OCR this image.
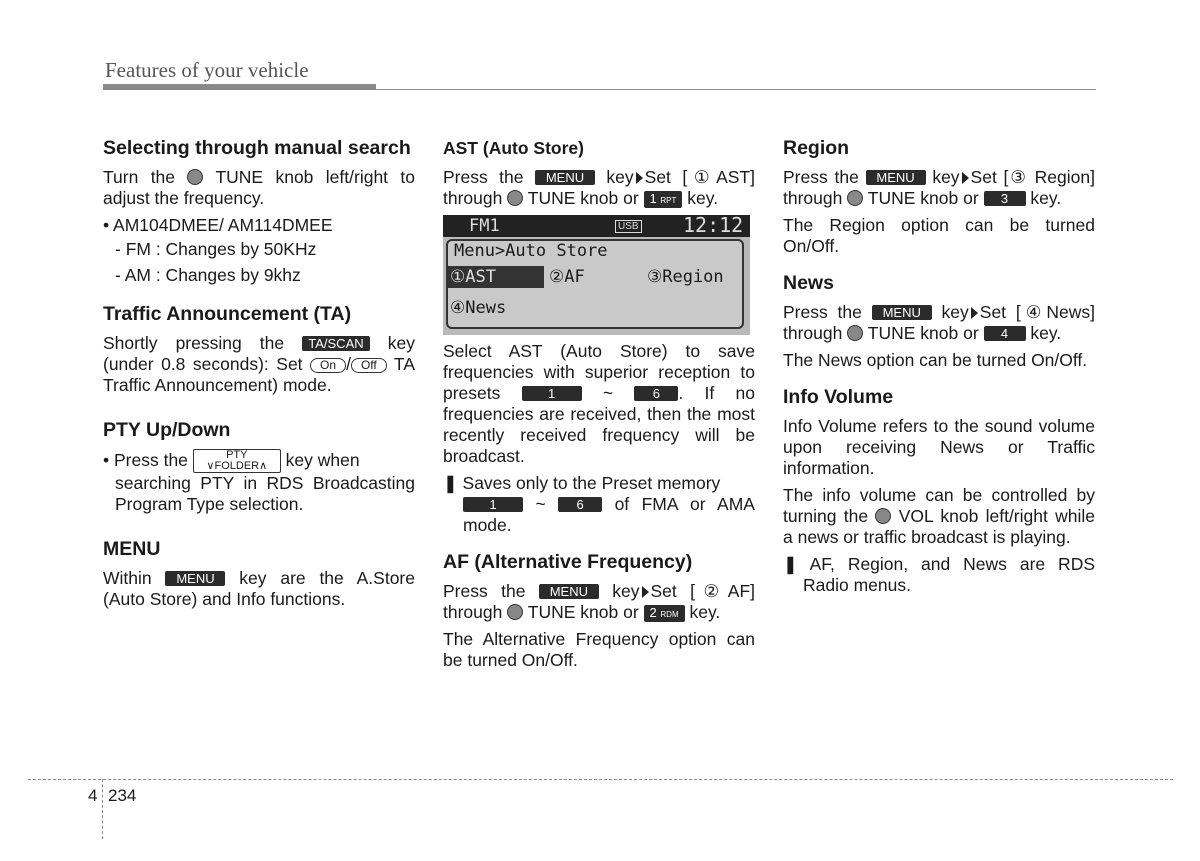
Features of your vehicle
Selecting through manual search

Turn the TUNE knob left/right to adjust the frequency.

• AM104DMEE/ AM114DMEE
- FM : Changes by 50KHz
- AM : Changes by 9khz
Traffic Announcement (TA)

Shortly pressing the TA/SCAN key (under 0.8 seconds): Set On / Off TA Traffic Announcement) mode.

PTY Up/Down

• Press the	PTY
∨FOLDER∧ key when

searching PTY in RDS Broadcasting Program Type selection.

MENU

Within MENU key are the A.Store (Auto Store) and Info functions.

AST (Auto Store)

Press the MENU key Set [①AST] through TUNE knob or 1 RPT key.

FM1	USB 12:12
Menu>Auto Store
①AST	②AF	③Region
④News

Select AST (Auto Store) to save frequencies with superior reception to presets	1 ~ 6 . If no frequencies are received, then the most recently received frequency will be broadcast.

❚ Saves only to the Preset memory
1 ~ 6 of FMA or AMA mode.

AF (Alternative Frequency)

Press the MENU key Set [②AF] through TUNE knob or 2 RDM key.

The Alternative Frequency option can be turned On/Off.

Region

Press the MENU key Set [③ Region] through TUNE knob or 3 key.

The Region option can be turned On/Off.

News

Press the MENU key Set [④News] through TUNE knob or 4 key.

The News option can be turned On/Off.

Info Volume

Info Volume refers to the sound volume upon receiving News or Traffic information.

The info volume can be controlled by turning the VOL knob left/right while a news or traffic broadcast is playing.

❚ AF, Region, and News are RDS Radio menus.

4 234
